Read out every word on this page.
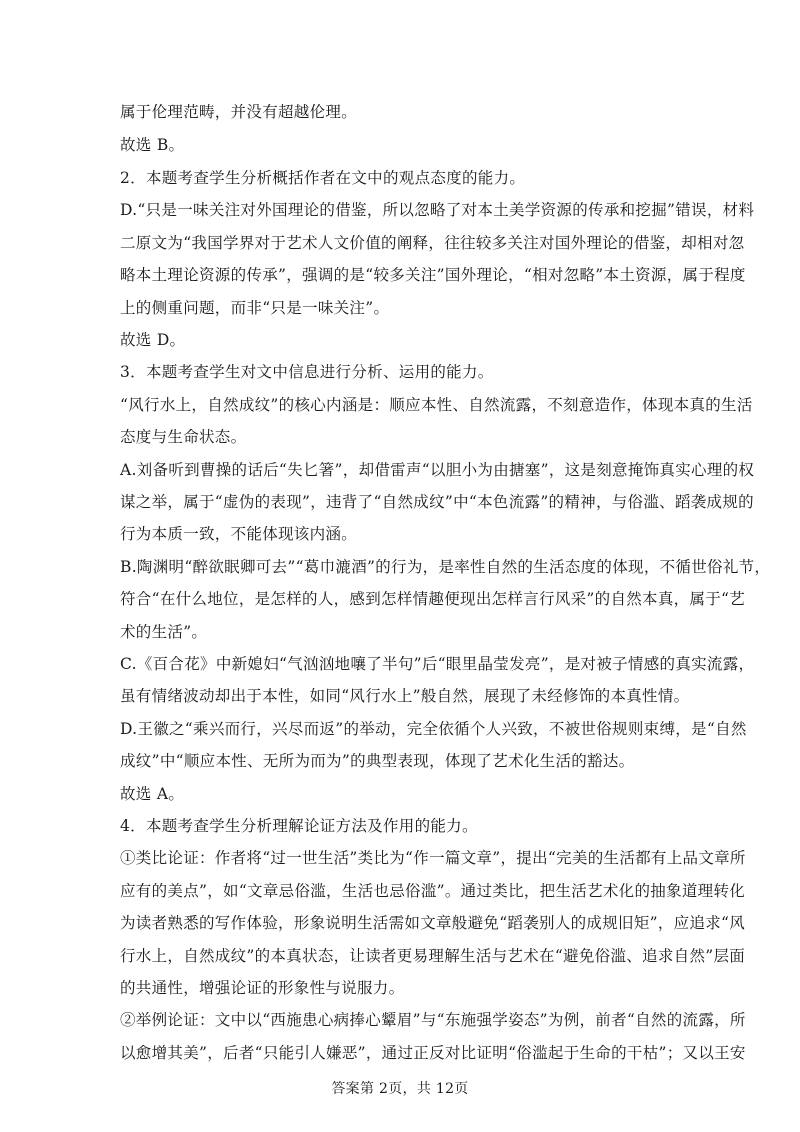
属于伦理范畴，并没有超越伦理。
故选 B。
2．本题考查学生分析概括作者在文中的观点态度的能力。
D.“只是一味关注对外国理论的借鉴，所以忽略了对本土美学资源的传承和挖掘”错误，材料
二原文为“我国学界对于艺术人文价值的阐释，往往较多关注对国外理论的借鉴，却相对忽
略本土理论资源的传承”，强调的是“较多关注”国外理论，“相对忽略”本土资源，属于程度
上的侧重问题，而非“只是一味关注”。
故选 D。
3．本题考查学生对文中信息进行分析、运用的能力。
“风行水上，自然成纹”的核心内涵是：顺应本性、自然流露，不刻意造作，体现本真的生活
态度与生命状态。
A.刘备听到曹操的话后“失匕箸”，却借雷声“以胆小为由搪塞”，这是刻意掩饰真实心理的权
谋之举，属于“虚伪的表现”，违背了“自然成纹”中“本色流露”的精神，与俗滥、蹈袭成规的
行为本质一致，不能体现该内涵。
B.陶渊明“醉欲眠卿可去”“葛巾漉酒”的行为，是率性自然的生活态度的体现，不循世俗礼节，
符合“在什么地位，是怎样的人，感到怎样情趣便现出怎样言行风采”的自然本真，属于“艺
术的生活”。
C.《百合花》中新媳妇“气汹汹地嚷了半句”后“眼里晶莹发亮”，是对被子情感的真实流露，
虽有情绪波动却出于本性，如同“风行水上”般自然，展现了未经修饰的本真性情。
D.王徽之“乘兴而行，兴尽而返”的举动，完全依循个人兴致，不被世俗规则束缚，是“自然
成纹”中“顺应本性、无所为而为”的典型表现，体现了艺术化生活的豁达。
故选 A。
4．本题考查学生分析理解论证方法及作用的能力。
①类比论证：作者将“过一世生活”类比为“作一篇文章”，提出“完美的生活都有上品文章所
应有的美点”，如“文章忌俗滥，生活也忌俗滥”。通过类比，把生活艺术化的抽象道理转化
为读者熟悉的写作体验，形象说明生活需如文章般避免“蹈袭别人的成规旧矩”，应追求“风
行水上，自然成纹”的本真状态，让读者更易理解生活与艺术在“避免俗滥、追求自然”层面
的共通性，增强论证的形象性与说服力。
②举例论证：文中以“西施患心病捧心颦眉”与“东施强学姿态”为例，前者“自然的流露，所
以愈增其美”，后者“只能引人嫌恶”，通过正反对比证明“俗滥起于生命的干枯”；又以王安
答案第 2页，共 12页
